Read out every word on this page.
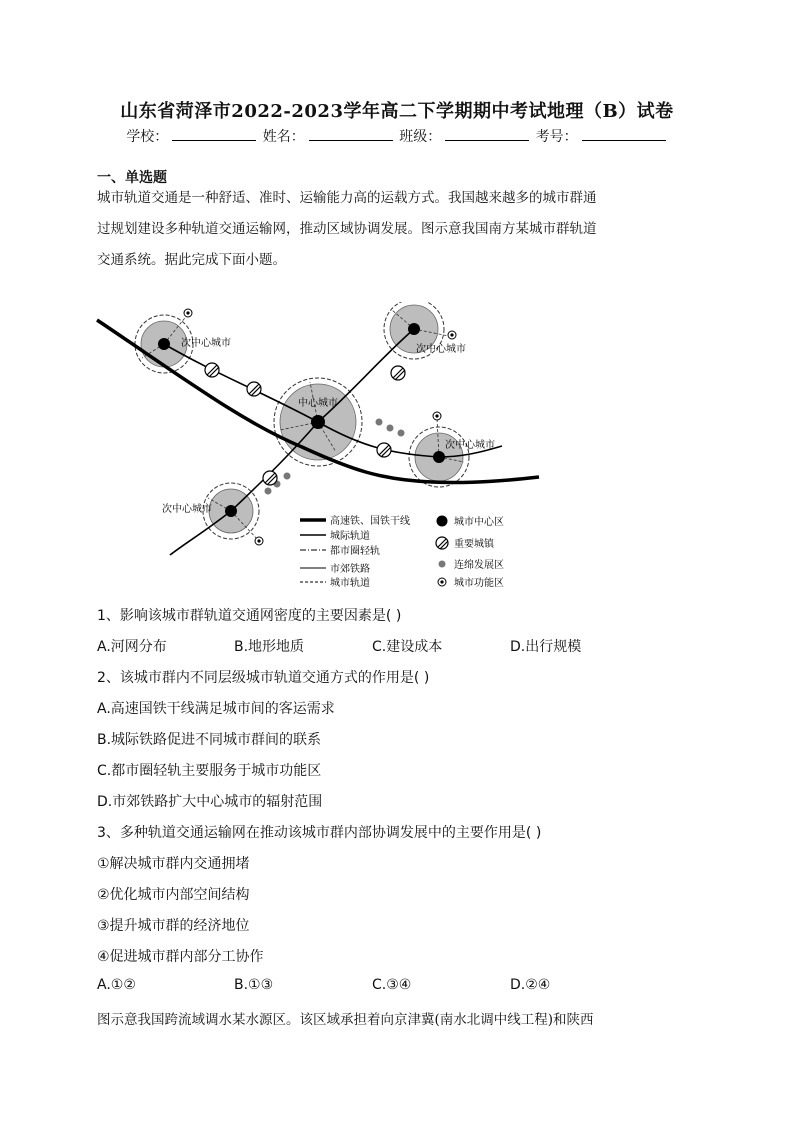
山东省菏泽市2022-2023学年高二下学期期中考试地理（B）试卷
学校：	姓名：	班级：	考号：
一、单选题
城市轨道交通是一种舒适、准时、运输能力高的运载方式。我国越来越多的城市群通
过规划建设多种轨道交通运输网，推动区域协调发展。图示意我国南方某城市群轨道
交通系统。据此完成下面小题。
次中心城市
次中心城市
中心城市
次中心城市
次中心城市
高速铁、国铁干线
城际轨道
都市圈轻轨
市郊铁路
城市轨道
城市中心区
重要城镇
连绵发展区
城市功能区
1、影响该城市群轨道交通网密度的主要因素是( )
A.河网分布	B.地形地质	C.建设成本	D.出行规模
2、该城市群内不同层级城市轨道交通方式的作用是( )
A.高速国铁干线满足城市间的客运需求
B.城际铁路促进不同城市群间的联系
C.都市圈轻轨主要服务于城市功能区
D.市郊铁路扩大中心城市的辐射范围
3、多种轨道交通运输网在推动该城市群内部协调发展中的主要作用是( )
①解决城市群内交通拥堵
②优化城市内部空间结构
③提升城市群的经济地位
④促进城市群内部分工协作
A.①②	B.①③	C.③④	D.②④
图示意我国跨流域调水某水源区。该区域承担着向京津冀(南水北调中线工程)和陕西
